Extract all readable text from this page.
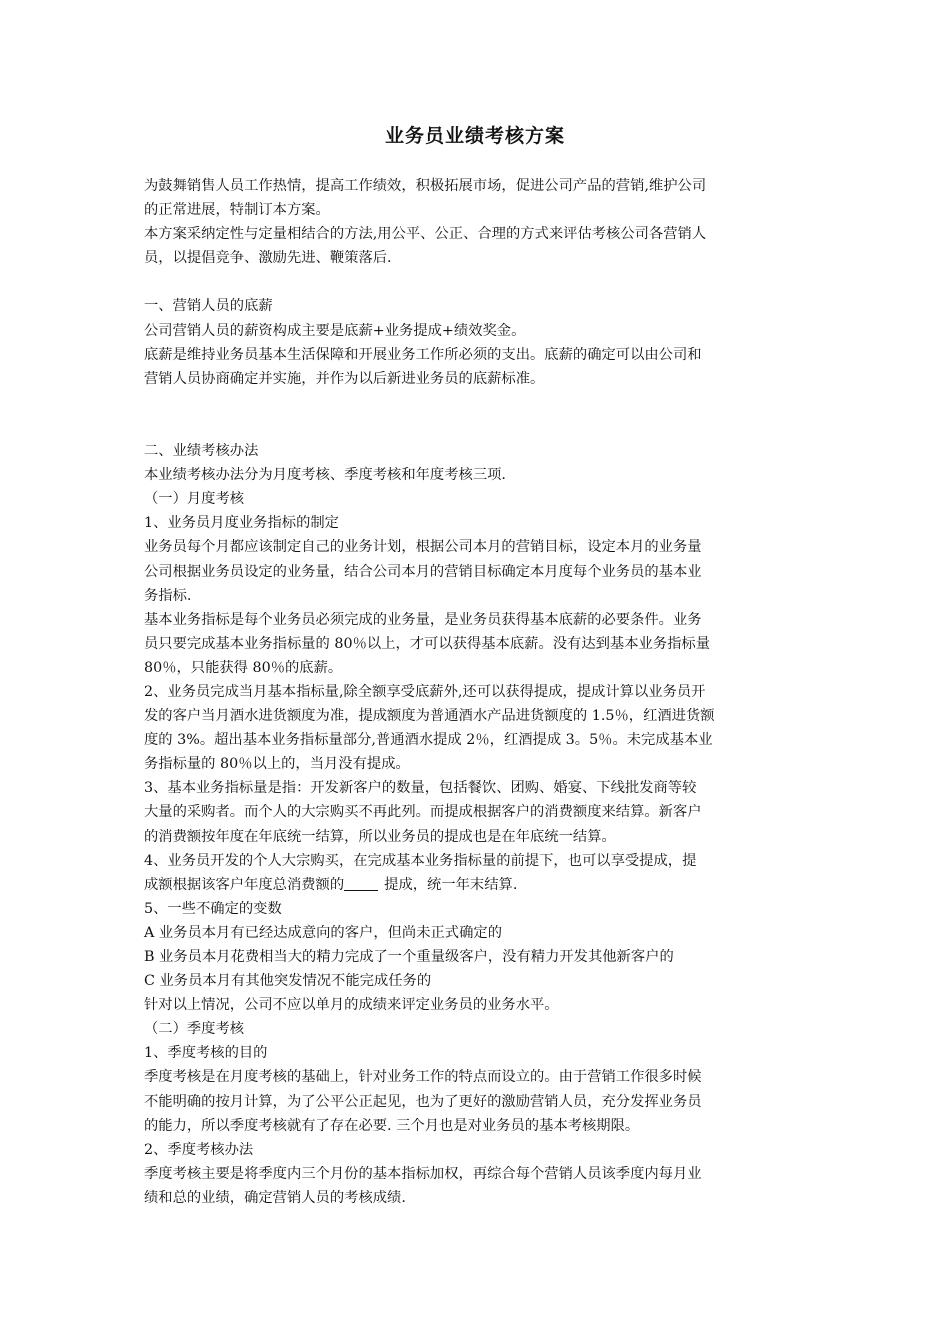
业务员业绩考核方案
为鼓舞销售人员工作热情，提高工作绩效，积极拓展市场，促进公司产品的营销,维护公司
的正常进展，特制订本方案。
本方案采纳定性与定量相结合的方法,用公平、公正、合理的方式来评估考核公司各营销人
员，以提倡竞争、激励先进、鞭策落后.
一、营销人员的底薪
公司营销人员的薪资构成主要是底薪+业务提成+绩效奖金。
底薪是维持业务员基本生活保障和开展业务工作所必须的支出。底薪的确定可以由公司和
营销人员协商确定并实施，并作为以后新进业务员的底薪标准。
二、业绩考核办法
本业绩考核办法分为月度考核、季度考核和年度考核三项.
（一）月度考核
1、业务员月度业务指标的制定
业务员每个月都应该制定自己的业务计划，根据公司本月的营销目标，设定本月的业务量
公司根据业务员设定的业务量，结合公司本月的营销目标确定本月度每个业务员的基本业
务指标.
基本业务指标是每个业务员必须完成的业务量，是业务员获得基本底薪的必要条件。业务
员只要完成基本业务指标量的 80％以上，才可以获得基本底薪。没有达到基本业务指标量
80％，只能获得 80％的底薪。
2、业务员完成当月基本指标量,除全额享受底薪外,还可以获得提成，提成计算以业务员开
发的客户当月酒水进货额度为准，提成额度为普通酒水产品进货额度的 1.5％，红酒进货额
度的 3%。超出基本业务指标量部分,普通酒水提成 2％，红酒提成 3。5％。未完成基本业
务指标量的 80％以上的，当月没有提成。
3、基本业务指标量是指：开发新客户的数量，包括餐饮、团购、婚宴、下线批发商等较
大量的采购者。而个人的大宗购买不再此列。而提成根据客户的消费额度来结算。新客户
的消费额按年度在年底统一结算，所以业务员的提成也是在年底统一结算。
4、业务员开发的个人大宗购买，在完成基本业务指标量的前提下，也可以享受提成，提
成额根据该客户年度总消费额的	提成，统一年末结算.
5、一些不确定的变数
A 业务员本月有已经达成意向的客户，但尚未正式确定的
B 业务员本月花费相当大的精力完成了一个重量级客户，没有精力开发其他新客户的
C 业务员本月有其他突发情况不能完成任务的
针对以上情况，公司不应以单月的成绩来评定业务员的业务水平。
（二）季度考核
1、季度考核的目的
季度考核是在月度考核的基础上，针对业务工作的特点而设立的。由于营销工作很多时候
不能明确的按月计算，为了公平公正起见，也为了更好的激励营销人员，充分发挥业务员
的能力，所以季度考核就有了存在必要. 三个月也是对业务员的基本考核期限。
2、季度考核办法
季度考核主要是将季度内三个月份的基本指标加权，再综合每个营销人员该季度内每月业
绩和总的业绩，确定营销人员的考核成绩.
